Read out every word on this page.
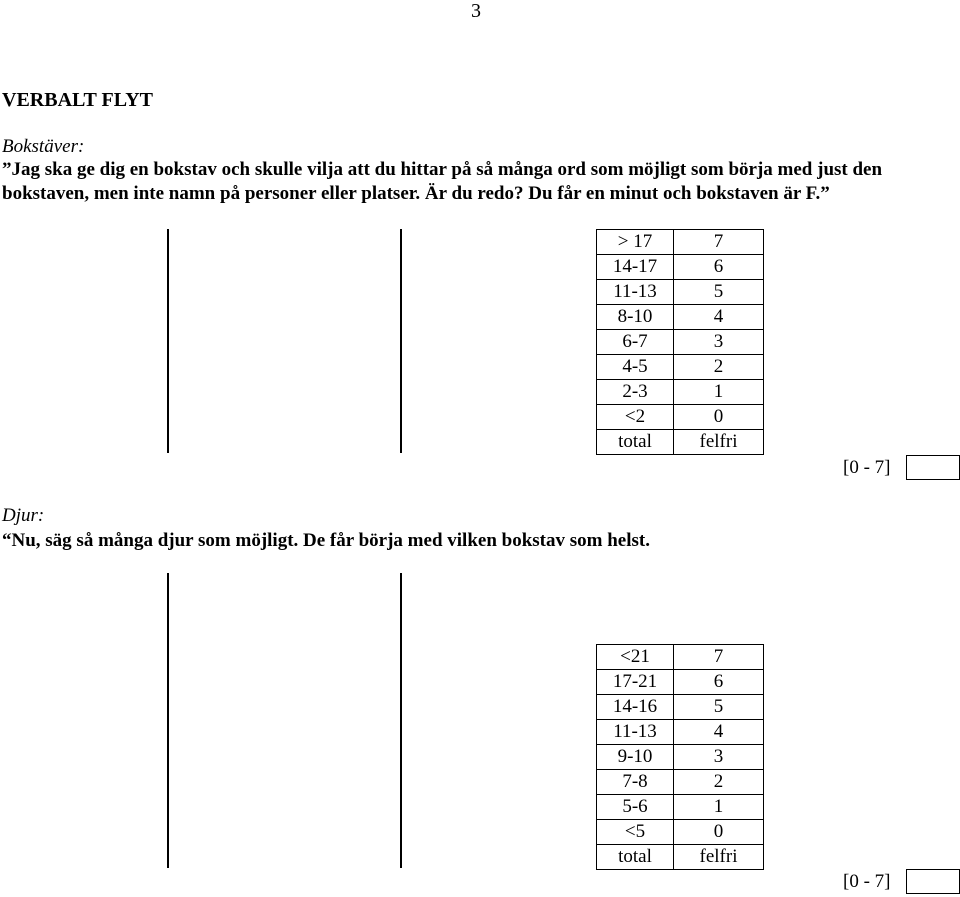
3
VERBALT FLYT
Bokstäver:
”Jag ska ge dig en bokstav och skulle vilja att du hittar på så många ord som möjligt som börja med just den bokstaven, men inte namn på personer eller platser. Är du redo? Du får en minut och bokstaven är F.”
> 17	7
14-17	6
11-13	5
8-10	4
6-7	3
4-5	2
2-3	1
<2	0
total	felfri
[0 - 7]
Djur:
“Nu, säg så många djur som möjligt. De får börja med vilken bokstav som helst.
<21	7
17-21	6
14-16	5
11-13	4
9-10	3
7-8	2
5-6	1
<5	0
total	felfri
[0 - 7]
